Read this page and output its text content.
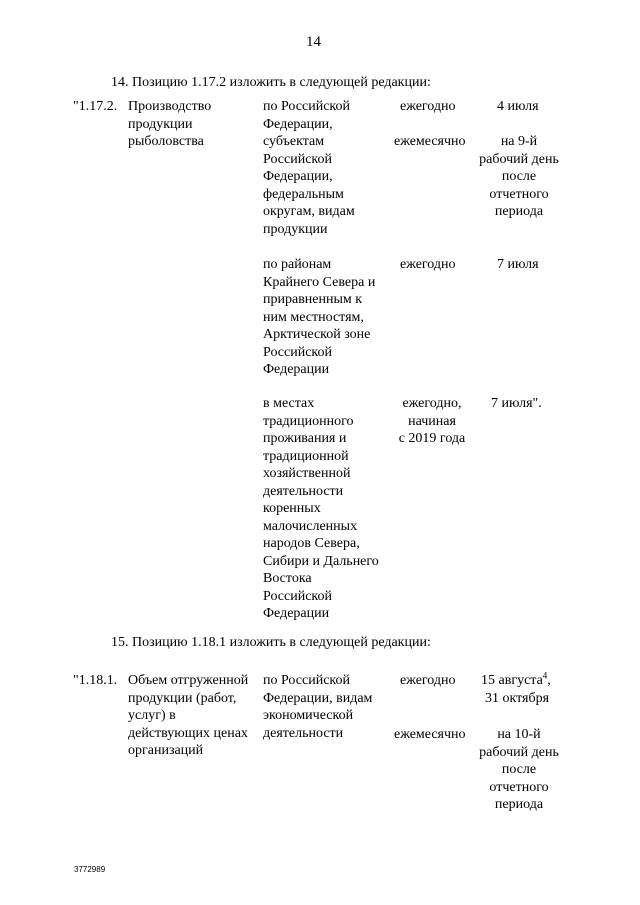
14
14. Позицию 1.17.2 изложить в следующей редакции:
"1.17.2. Производство
продукции
рыболовства
по Российской
Федерации,
субъектам
Российской
Федерации,
федеральным
округам, видам
продукции
ежегодно
ежемесячно
4 июля
на 9-й
рабочий день
после
отчетного
периода
по районам
Крайнего Севера и
приравненным к
ним местностям,
Арктической зоне
Российской
Федерации
ежегодно	7 июля
в местах
традиционного
проживания и
традиционной
хозяйственной
деятельности
коренных
малочисленных
народов Севера,
Сибири и Дальнего
Востока
Российской
Федерации
ежегодно,
начиная
с 2019 года
7 июля".
15. Позицию 1.18.1 изложить в следующей редакции:
"1.18.1. Объем отгруженной
продукции (работ,
услуг) в
действующих ценах
организаций
по Российской
Федерации, видам
экономической
деятельности
ежегодно
ежемесячно
15 августа$^4$,
31 октября
на 10-й
рабочий день
после
отчетного
периода
3772989
